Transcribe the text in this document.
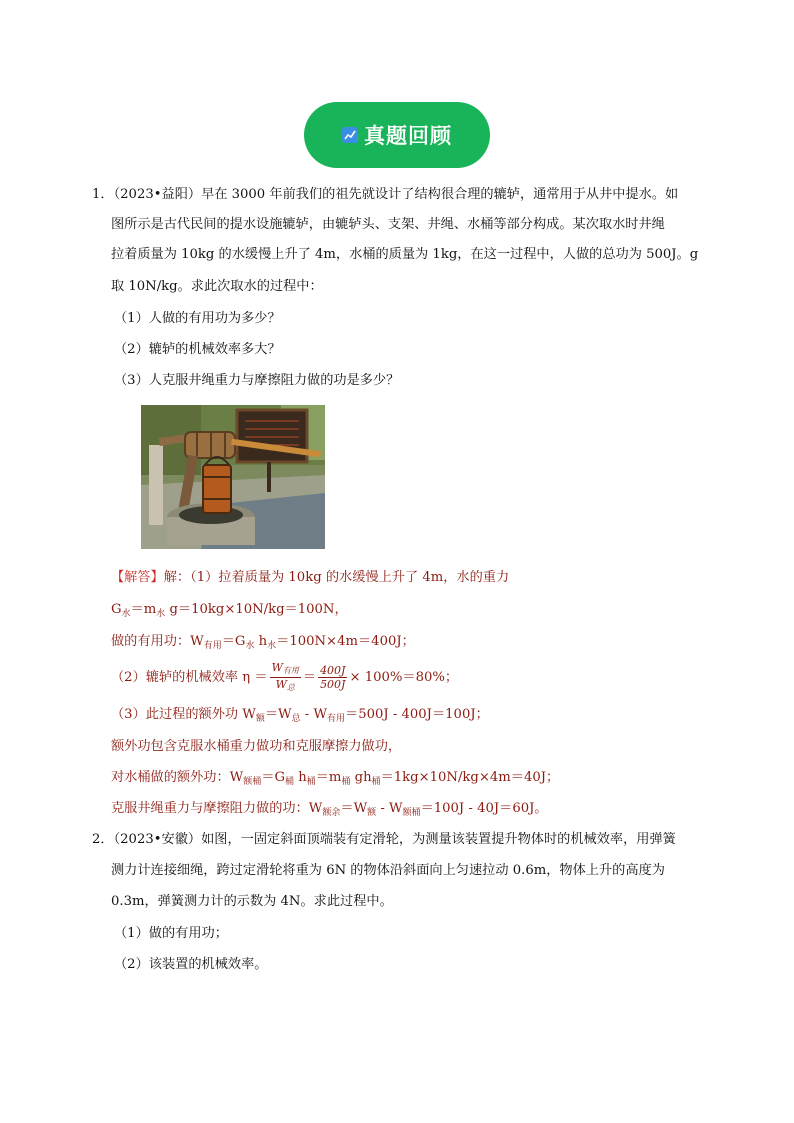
真题回顾
1．（2023•益阳）早在 3000 年前我们的祖先就设计了结构很合理的辘轳，通常用于从井中提水。如
图所示是古代民间的提水设施辘轳，由辘轳头、支架、井绳、水桶等部分构成。某次取水时井绳
拉着质量为 10kg 的水缓慢上升了 4m，水桶的质量为 1kg，在这一过程中，人做的总功为 500J。g
取 10N/kg。求此次取水的过程中：
（1）人做的有用功为多少？
（2）辘轳的机械效率多大？
（3）人克服井绳重力与摩擦阻力做的功是多少？
【解答】解：（1）拉着质量为 10kg 的水缓慢上升了 4m，水的重力
$G_水=m_水$ g＝10kg×10N/kg＝100N，
做的有用功：$W_{有用}=G_水$ $h_水=100N\times 4m=400J$；
（2）辘轳的机械效率 $\eta = \frac{W_{有用}}{W_总} = \frac{400J}{500J} \times 100\%=80\%$；
（3）此过程的额外功 $W_额=W_总 - W_{有用}=500J - 400J=100J$；
额外功包含克服水桶重力做功和克服摩擦力做功，
对水桶做的额外功：$W_{额桶}=G_桶$ $h_桶=m_桶$ $gh_桶=1kg\times 10N/kg\times 4m=40J$；
克服井绳重力与摩擦阻力做的功：$W_{额余}=W_额 - W_{额桶}=100J - 40J=60J$。
2．（2023•安徽）如图，一固定斜面顶端装有定滑轮，为测量该装置提升物体时的机械效率，用弹簧
测力计连接细绳，跨过定滑轮将重为 6N 的物体沿斜面向上匀速拉动 0.6m，物体上升的高度为
0.3m，弹簧测力计的示数为 4N。求此过程中。
（1）做的有用功；
（2）该装置的机械效率。
